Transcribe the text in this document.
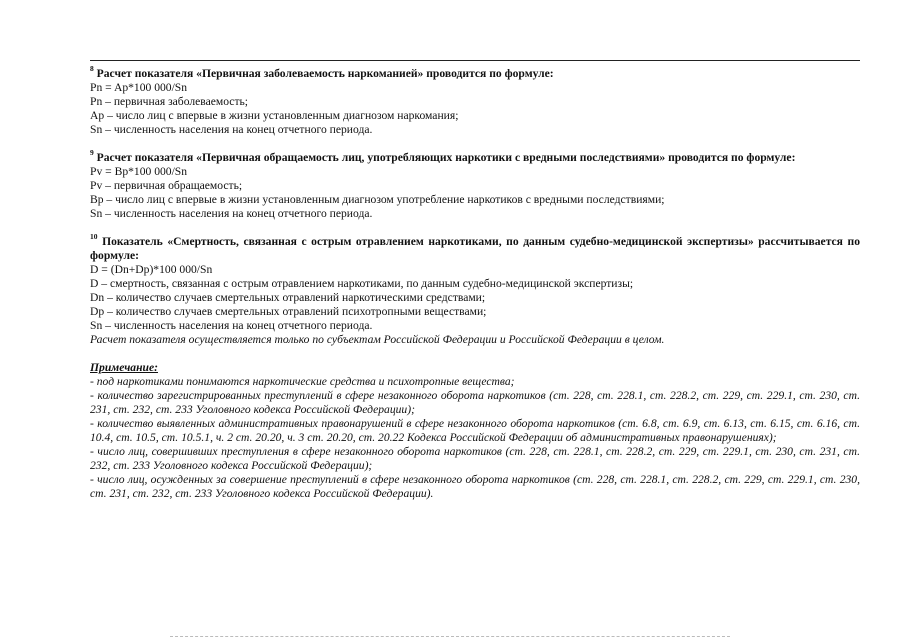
$^8$ Расчет показателя «Первичная заболеваемость наркоманией» проводится по формуле:

Pn = Ap*100 000/Sn

Pn – первичная заболеваемость;

Ap – число лиц с впервые в жизни установленным диагнозом наркомания;

Sn – численность населения на конец отчетного периода.

$^9$ Расчет показателя «Первичная обращаемость лиц, употребляющих наркотики с вредными последствиями» проводится по формуле:

Pv = Bp*100 000/Sn

Pv – первичная обращаемость;

Bp – число лиц с впервые в жизни установленным диагнозом употребление наркотиков с вредными последствиями;

Sn – численность населения на конец отчетного периода.

$^{10}$ Показатель «Смертность, связанная с острым отравлением наркотиками, по данным судебно-медицинской экспертизы» рассчитывается по формуле:

D = (Dn+Dp)*100 000/Sn

D – смертность, связанная с острым отравлением наркотиками, по данным судебно-медицинской экспертизы;

Dn – количество случаев смертельных отравлений наркотическими средствами;

Dp – количество случаев смертельных отравлений психотропными веществами;

Sn – численность населения на конец отчетного периода.

Расчет показателя осуществляется только по субъектам Российской Федерации и Российской Федерации в целом.

Примечание:

- под наркотиками понимаются наркотические средства и психотропные вещества;

- количество зарегистрированных преступлений в сфере незаконного оборота наркотиков (ст. 228, ст. 228.1, ст. 228.2, ст. 229, ст. 229.1, ст. 230, ст. 231, ст. 232, ст. 233 Уголовного кодекса Российской Федерации);

- количество выявленных административных правонарушений в сфере незаконного оборота наркотиков (ст. 6.8, ст. 6.9, ст. 6.13, ст. 6.15, ст. 6.16, ст. 10.4, ст. 10.5, ст. 10.5.1, ч. 2 ст. 20.20, ч. 3 ст. 20.20, ст. 20.22 Кодекса Российской Федерации об административных правонарушениях);

- число лиц, совершивших преступления в сфере незаконного оборота наркотиков (ст. 228, ст. 228.1, ст. 228.2, ст. 229, ст. 229.1, ст. 230, ст. 231, ст. 232, ст. 233 Уголовного кодекса Российской Федерации);

- число лиц, осужденных за совершение преступлений в сфере незаконного оборота наркотиков (ст. 228, ст. 228.1, ст. 228.2, ст. 229, ст. 229.1, ст. 230, ст. 231, ст. 232, ст. 233 Уголовного кодекса Российской Федерации).
